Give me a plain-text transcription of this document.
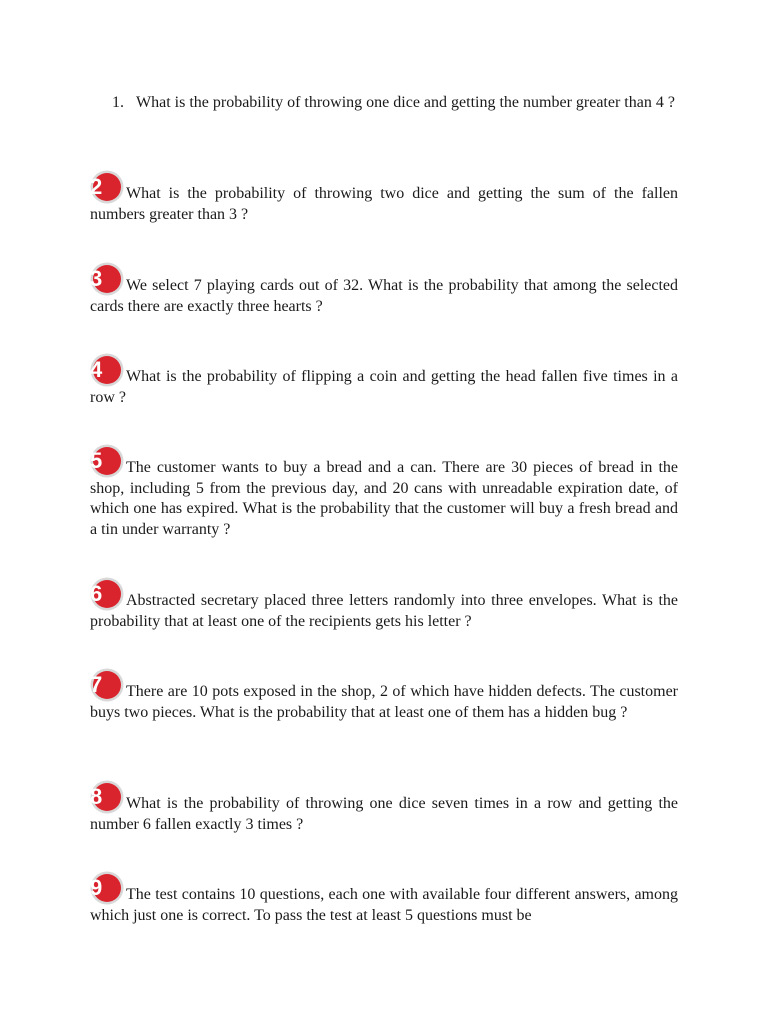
1. What is the probability of throwing one dice and getting the number greater than 4 ?
2	What is the probability of throwing two dice and getting the sum of the fallen numbers greater than 3 ?
3	We select 7 playing cards out of 32. What is the probability that among the selected cards there are exactly three hearts ?
4	What is the probability of flipping a coin and getting the head fallen five times in a row ?
5	The customer wants to buy a bread and a can. There are 30 pieces of bread in the shop, including 5 from the previous day, and 20 cans with unreadable expiration date, of which one has expired. What is the probability that the customer will buy a fresh bread and a tin under warranty ?
6	Abstracted secretary placed three letters randomly into three envelopes. What is the probability that at least one of the recipients gets his letter ?
7	There are 10 pots exposed in the shop, 2 of which have hidden defects. The customer buys two pieces. What is the probability that at least one of them has a hidden bug ?
8	What is the probability of throwing one dice seven times in a row and getting the number 6 fallen exactly 3 times ?
9	The test contains 10 questions, each one with available four different answers, among which just one is correct. To pass the test at least 5 questions must be
